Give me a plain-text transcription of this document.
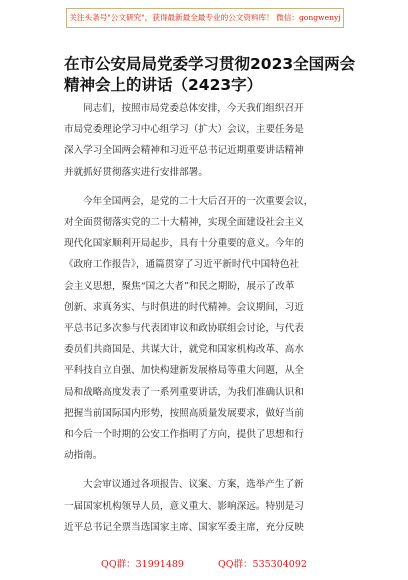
关注头条号"公文研究"，获得最新最全最专业的公文资料库！ 微信：gongwenyj
在市公安局局党委学习贯彻2023全国两会
精神会上的讲话（2423字）
同志们，按照市局党委总体安排，今天我们组织召开
市局党委理论学习中心组学习（扩大）会议，主要任务是
深入学习全国两会精神和习近平总书记近期重要讲话精神
并就抓好贯彻落实进行安排部署。
今年全国两会，是党的二十大后召开的一次重要会议，
对全面贯彻落实党的二十大精神，实现全面建设社会主义
现代化国家顺利开局起步，具有十分重要的意义。今年的
《政府工作报告》，通篇贯穿了习近平新时代中国特色社
会主义思想，聚焦“国之大者”和民之期盼，展示了改革
创新、求真务实、与时俱进的时代精神。会议期间，习近
平总书记多次参与代表团审议和政协联组会讨论，与代表
委员们共商国是、共谋大计，就党和国家机构改革、高水
平科技自立自强、加快构建新发展格局等重大问题，从全
局和战略高度发表了一系列重要讲话，为我们准确认识和
把握当前国际国内形势，按照高质量发展要求，做好当前
和今后一个时期的公安工作指明了方向，提供了思想和行
动指南。
大会审议通过各项报告、议案、方案，选举产生了新
一届国家机构领导人员，意义重大、影响深远。特别是习
近平总书记全票当选国家主席、国家军委主席，充分反映
QQ群：31991489	QQ群：535304092
